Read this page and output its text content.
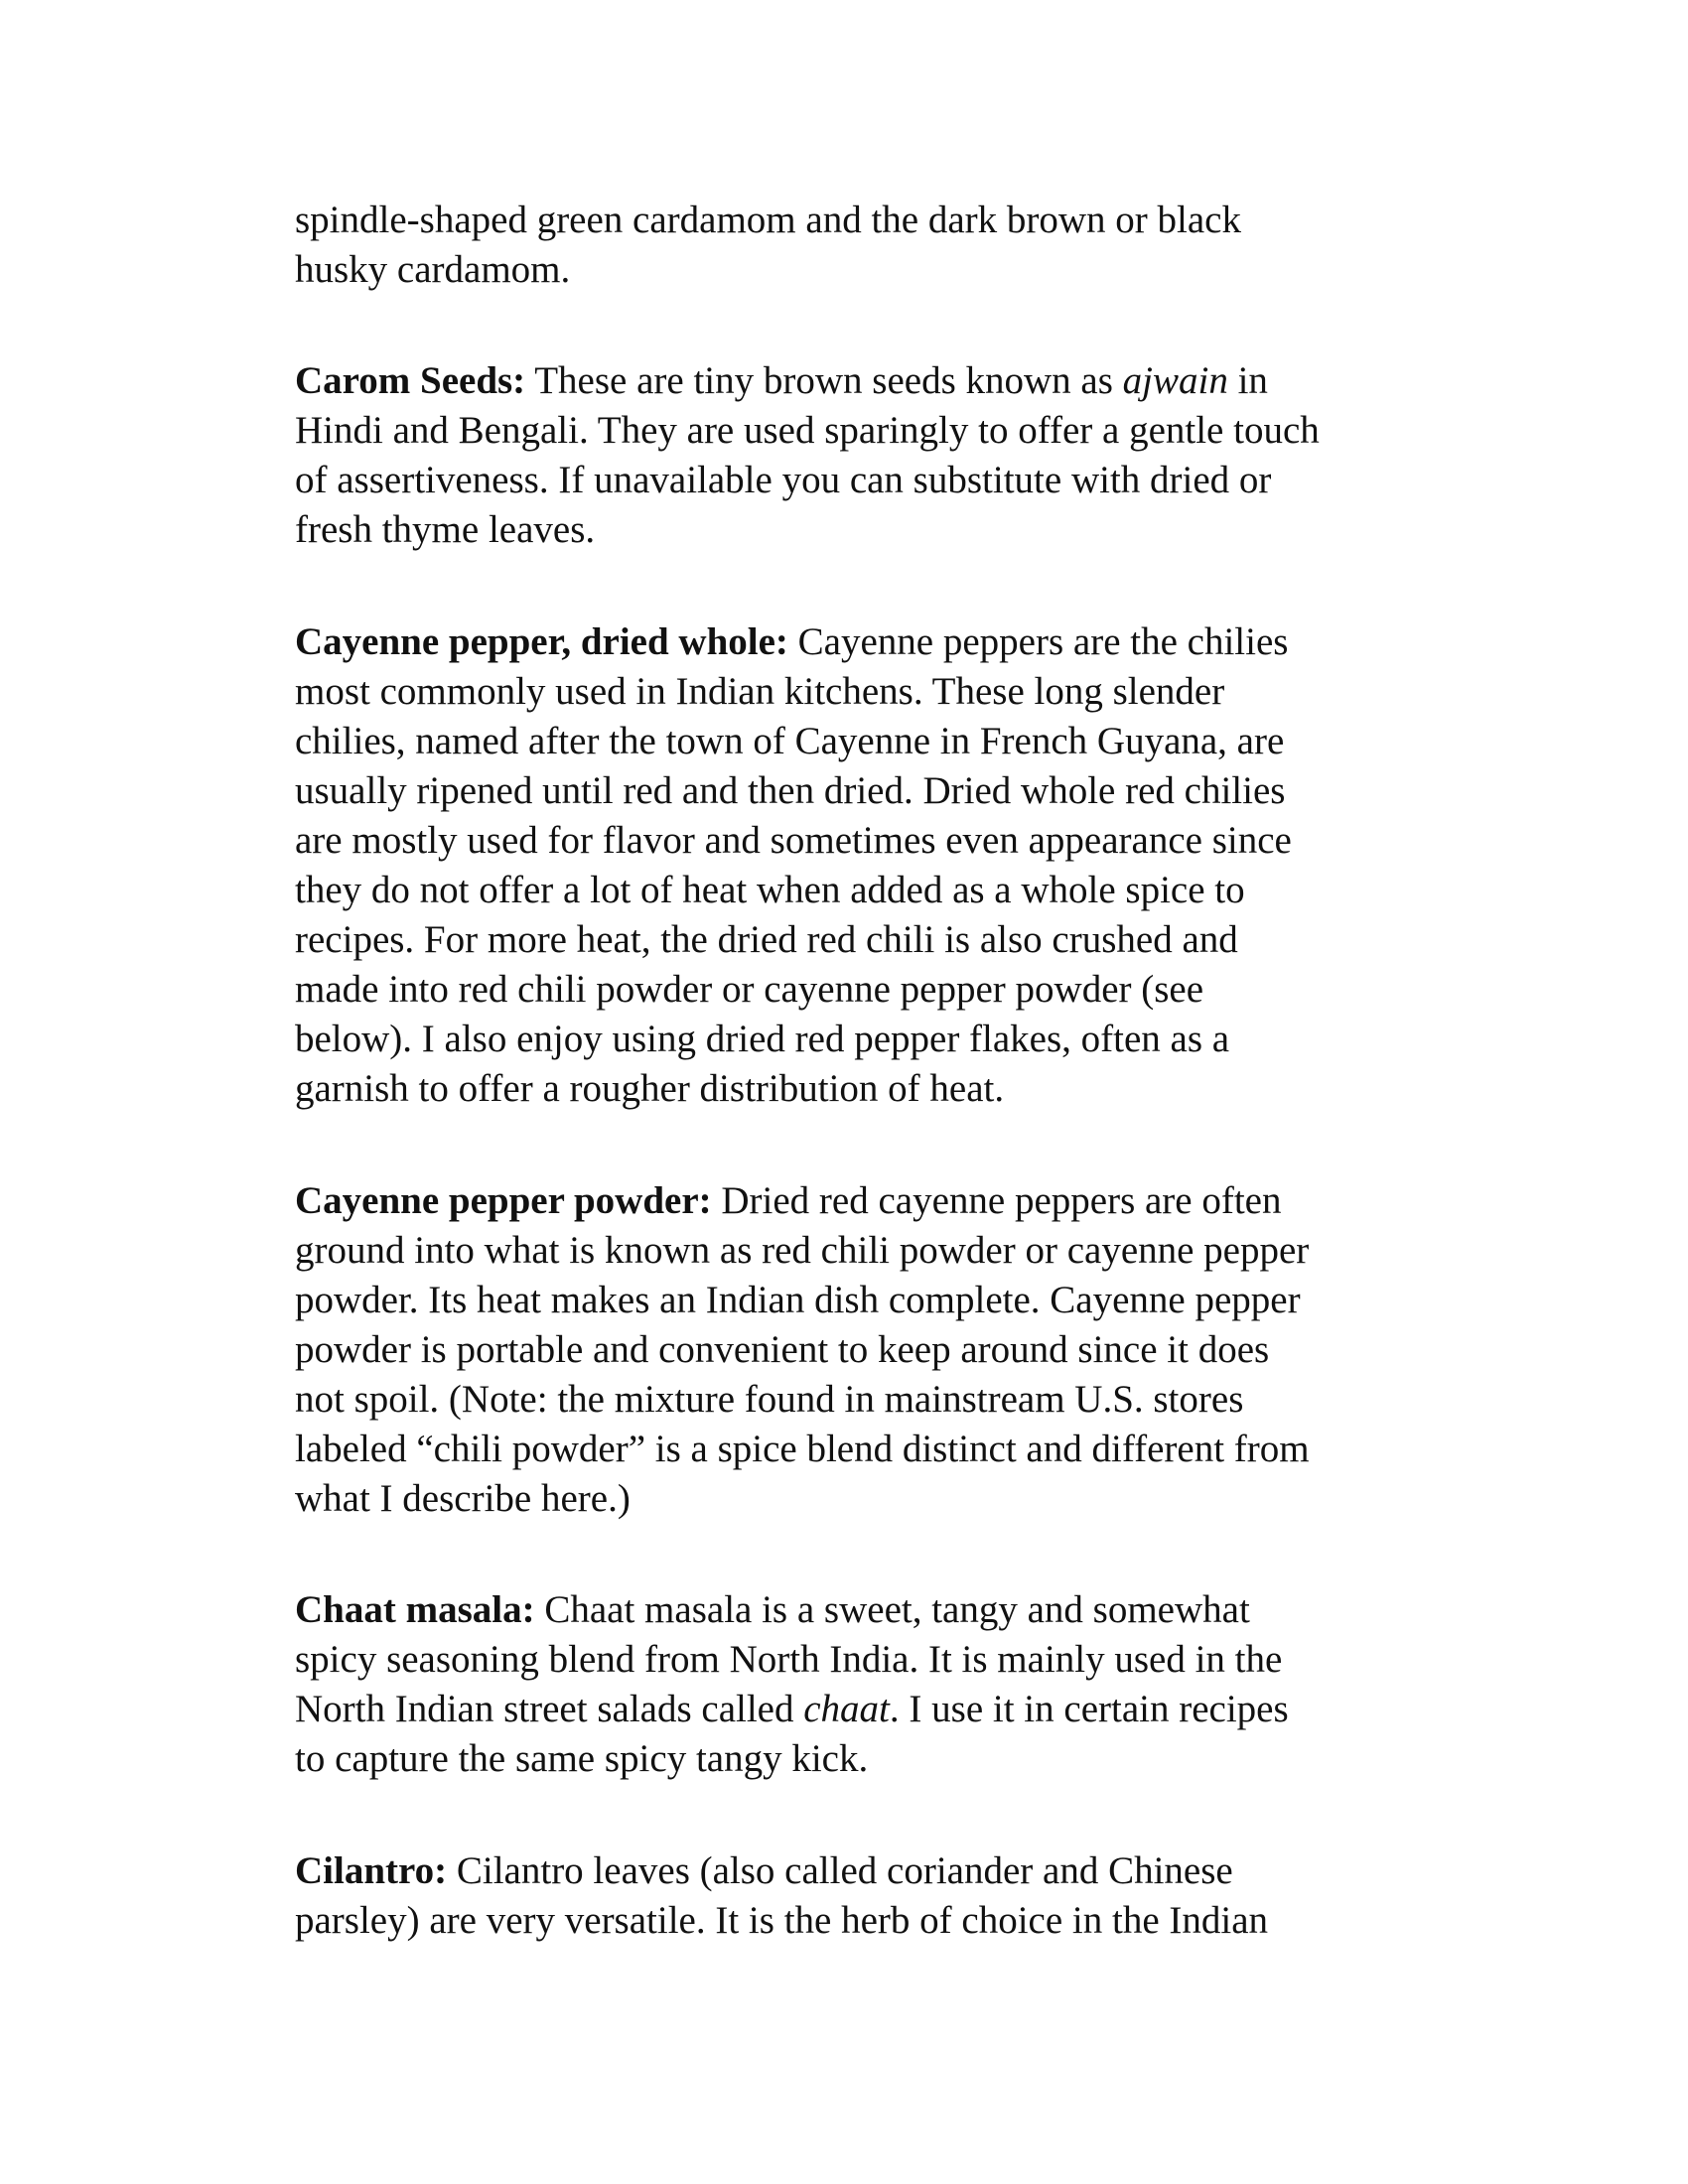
spindle-shaped green cardamom and the dark brown or black
husky cardamom.

Carom Seeds: These are tiny brown seeds known as ajwain in
Hindi and Bengali. They are used sparingly to offer a gentle touch
of assertiveness. If unavailable you can substitute with dried or
fresh thyme leaves.

Cayenne pepper, dried whole: Cayenne peppers are the chilies
most commonly used in Indian kitchens. These long slender
chilies, named after the town of Cayenne in French Guyana, are
usually ripened until red and then dried. Dried whole red chilies
are mostly used for flavor and sometimes even appearance since
they do not offer a lot of heat when added as a whole spice to
recipes. For more heat, the dried red chili is also crushed and
made into red chili powder or cayenne pepper powder (see
below). I also enjoy using dried red pepper flakes, often as a
garnish to offer a rougher distribution of heat.

Cayenne pepper powder: Dried red cayenne peppers are often
ground into what is known as red chili powder or cayenne pepper
powder. Its heat makes an Indian dish complete. Cayenne pepper
powder is portable and convenient to keep around since it does
not spoil. (Note: the mixture found in mainstream U.S. stores
labeled “chili powder” is a spice blend distinct and different from
what I describe here.)

Chaat masala: Chaat masala is a sweet, tangy and somewhat
spicy seasoning blend from North India. It is mainly used in the
North Indian street salads called chaat. I use it in certain recipes
to capture the same spicy tangy kick.

Cilantro: Cilantro leaves (also called coriander and Chinese
parsley) are very versatile. It is the herb of choice in the Indian
